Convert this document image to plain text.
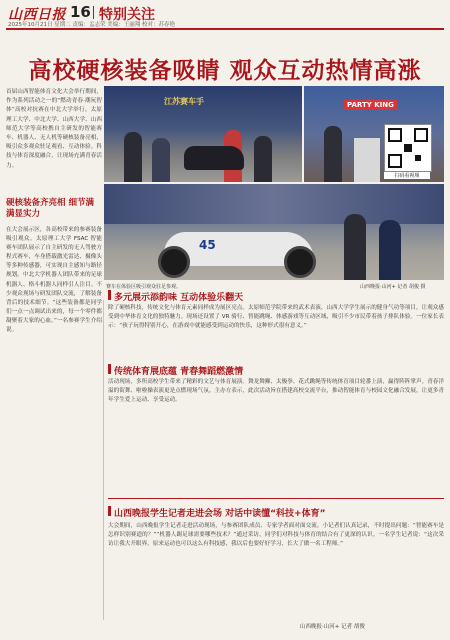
山西日报 16 特别关注
2025年10月21日 星期二 责编：孟志荣 美编：王丽翔 校对：苏春艳
高校硬核装备吸睛 观众互动热情高涨
首届山西智能体育文化大会举行期间，作为系列活动之一的“燃动青春·潮玩智体”高校对抗赛在中北大学举行。太原理工大学、中北大学、山西大学、山西师范大学等高校携自主研发的智能赛车、机器人、无人机等硬核装备亮相，吸引众多观众驻足观看、互动体验。科技与体育深度融合，让现场充满青春活力。
江苏赛车手	PARTY KING
扫码看视频
45
赛车在体验区吸引观众驻足参观。	山西晚报·山河+ 记者 胡俊 摄
硬核装备齐亮相 细节满满显实力
在大会展示区，各高校带来的参赛装备吸引观众。太原理工大学 FSAC 智能赛车团队展示了自主研发的无人驾驶方程式赛车，车身搭载激光雷达、摄像头等多种传感器，可实现自主感知与路径规划。中北大学机器人团队带来的足球机器人、格斗机器人同样引人注目。不少观众现场与研发团队交流，了解装备背后的技术细节。“这些装备都是同学们一点一点调试出来的，每一个零件都凝聚着大家的心血。”一名参赛学生介绍说。
多元展示添韵味 互动体验乐翻天
除了硬核科技，传统文化与体育元素同样成为展区亮点。太原师范学院带来的武术表演、山西大学学生展示的健身气功等项目，让观众感受到中华体育文化的独特魅力。现场还设置了 VR 骑行、智能跳绳、体感游戏等互动区域，吸引不少市民带着孩子排队体验。一位家长表示：“孩子玩得特别开心，在游戏中就能感受到运动的快乐，这种形式很有意义。”
传统体育展底蕴 青春舞蹈燃激情
活动现场，多所高校学生带来了精彩的文艺与体育展演。舞龙舞狮、太极拳、花式跳绳等传统体育项目轮番上演，赢得阵阵掌声。青春洋溢的街舞、啦啦操表演更是点燃现场气氛。主办方表示，此次活动旨在搭建高校交流平台，推动智能体育与校园文化融合发展，让更多青年学生爱上运动、享受运动。
山西晚报学生记者走进会场 对话中读懂“科技+体育”
大会期间，山西晚报学生记者走进活动现场，与参赛团队成员、专家学者面对面交流。小记者们认真记录，不时提出问题：“智能赛车是怎样识别赛道的？”“机器人踢足球需要哪些技术？”通过采访，同学们对科技与体育的结合有了更深的认识。一名学生记者说：“这次采访让我大开眼界，原来运动也可以这么有科技感，我以后也要好好学习，长大了做一名工程师。”
山西晚报·山河+ 记者 胡俊
